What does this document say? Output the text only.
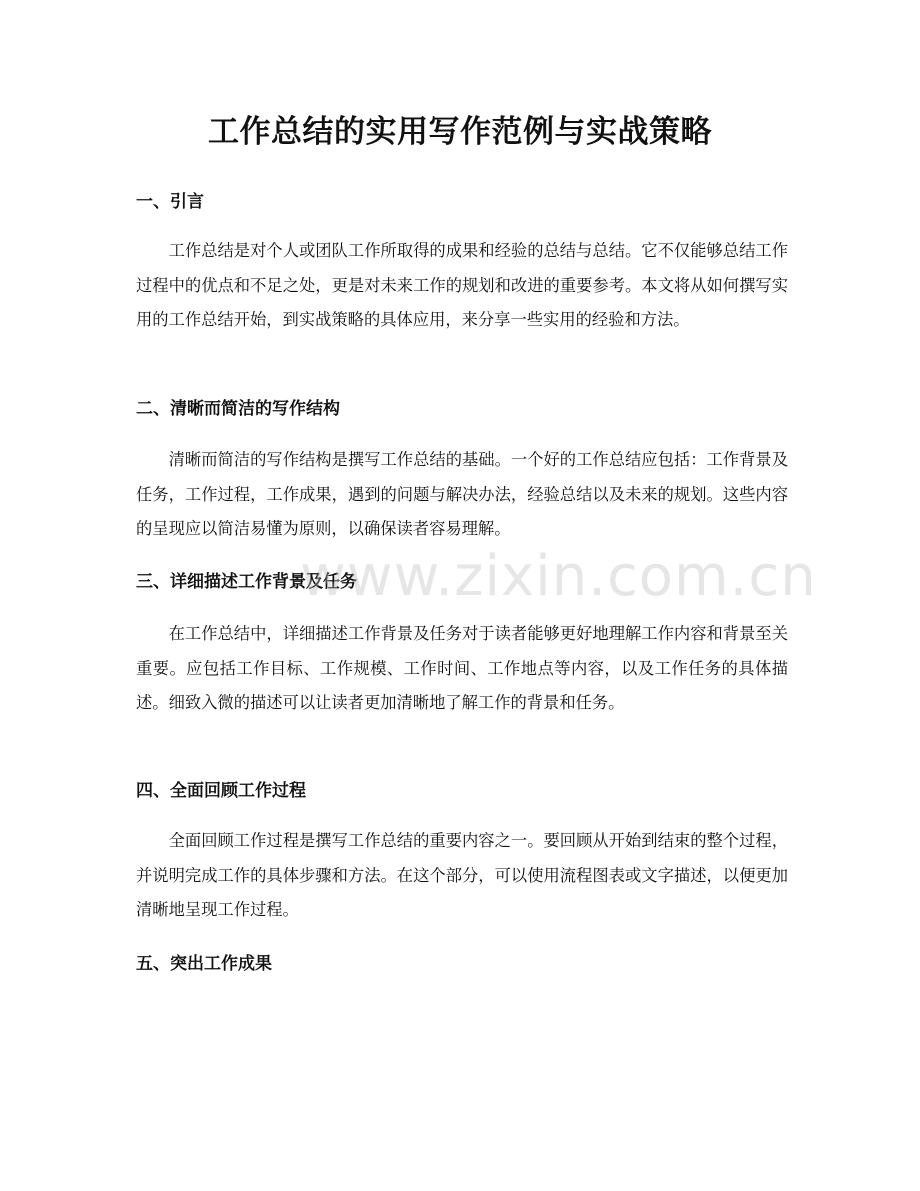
工作总结的实用写作范例与实战策略
一、引言

工作总结是对个人或团队工作所取得的成果和经验的总结与总结。它不仅能够总结工作过程中的优点和不足之处，更是对未来工作的规划和改进的重要参考。本文将从如何撰写实用的工作总结开始，到实战策略的具体应用，来分享一些实用的经验和方法。

二、清晰而简洁的写作结构

清晰而简洁的写作结构是撰写工作总结的基础。一个好的工作总结应包括：工作背景及任务，工作过程，工作成果，遇到的问题与解决办法，经验总结以及未来的规划。这些内容的呈现应以简洁易懂为原则，以确保读者容易理解。

三、详细描述工作背景及任务

在工作总结中，详细描述工作背景及任务对于读者能够更好地理解工作内容和背景至关重要。应包括工作目标、工作规模、工作时间、工作地点等内容，以及工作任务的具体描述。细致入微的描述可以让读者更加清晰地了解工作的背景和任务。

四、全面回顾工作过程

全面回顾工作过程是撰写工作总结的重要内容之一。要回顾从开始到结束的整个过程，并说明完成工作的具体步骤和方法。在这个部分，可以使用流程图表或文字描述，以便更加清晰地呈现工作过程。

五、突出工作成果
www.zixin.com.cn
